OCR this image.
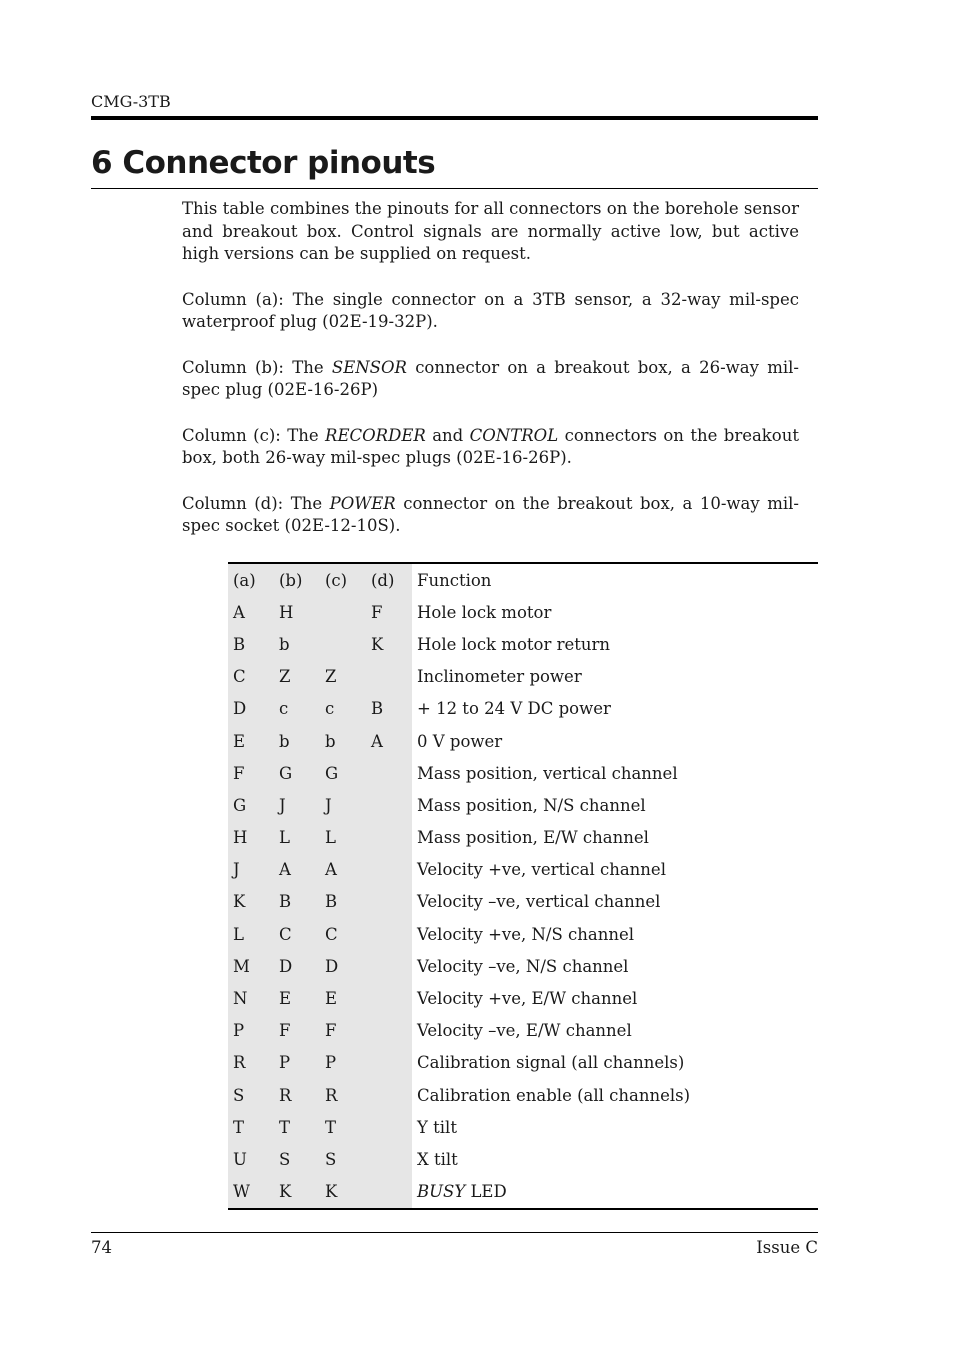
CMG-3TB
6 Connector pinouts

This table combines the pinouts for all connectors on the borehole sensor and breakout box. Control signals are normally active low, but active high versions can be supplied on request.

Column (a): The single connector on a 3TB sensor, a 32-way mil-spec waterproof plug (02E-19-32P).

Column (b): The SENSOR connector on a breakout box, a 26-way mil-spec plug (02E-16-26P)

Column (c): The RECORDER and CONTROL connectors on the breakout box, both 26-way mil-spec plugs (02E-16-26P).

Column (d): The POWER connector on the breakout box, a 10-way mil-spec socket (02E-12-10S).

(a)	(b)	(c)	(d)	Function
A	H		F	Hole lock motor
B	b		K	Hole lock motor return
C	Z	Z		Inclinometer power
D	c	c	B	+ 12 to 24 V DC power
E	b	b	A	0 V power
F	G	G		Mass position, vertical channel
G	J	J		Mass position, N/S channel
H	L	L		Mass position, E/W channel
J	A	A		Velocity +ve, vertical channel
K	B	B		Velocity –ve, vertical channel
L	C	C		Velocity +ve, N/S channel
M	D	D		Velocity –ve, N/S channel
N	E	E		Velocity +ve, E/W channel
P	F	F		Velocity –ve, E/W channel
R	P	P		Calibration signal (all channels)
S	R	R		Calibration enable (all channels)
T	T	T		Y tilt
U	S	S		X tilt
W	K	K		BUSY LED
74	Issue C
